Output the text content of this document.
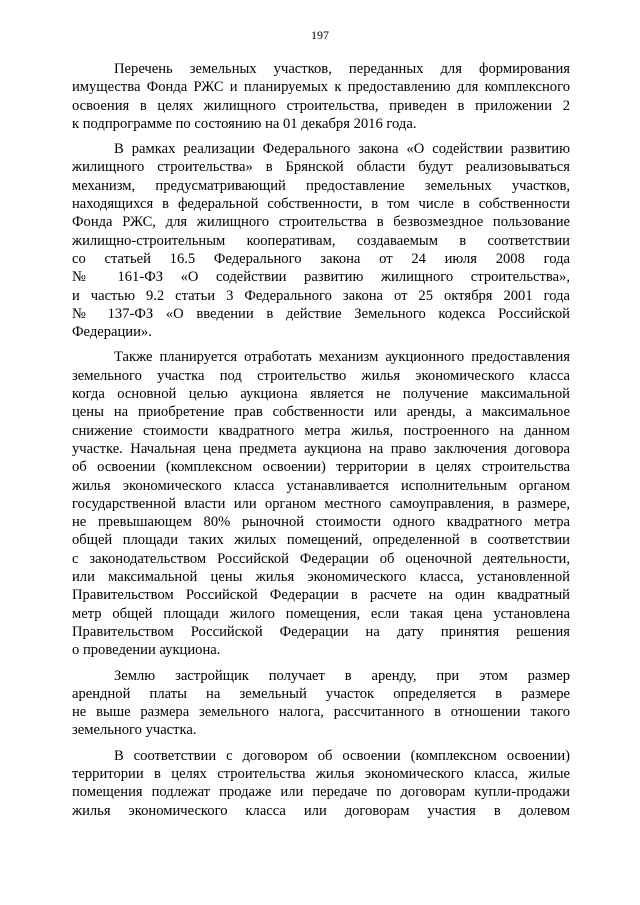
197
Перечень земельных участков, переданных для формирования
имущества Фонда РЖС и планируемых к предоставлению для комплексного
освоения в целях жилищного строительства, приведен в приложении 2
к подпрограмме по состоянию на 01 декабря 2016 года.
В рамках реализации Федерального закона «О содействии развитию
жилищного строительства» в Брянской области будут реализовываться
механизм, предусматривающий предоставление земельных участков,
находящихся в федеральной собственности, в том числе в собственности
Фонда РЖС, для жилищного строительства в безвозмездное пользование
жилищно-строительным кооперативам, создаваемым в соответствии
со статьей 16.5 Федерального закона от 24 июля 2008 года
№ 161-ФЗ «О содействии развитию жилищного строительства»,
и частью 9.2 статьи 3 Федерального закона от 25 октября 2001 года
№ 137-ФЗ «О введении в действие Земельного кодекса Российской
Федерации».
Также планируется отработать механизм аукционного предоставления
земельного участка под строительство жилья экономического класса
когда основной целью аукциона является не получение максимальной
цены на приобретение прав собственности или аренды, а максимальное
снижение стоимости квадратного метра жилья, построенного на данном
участке. Начальная цена предмета аукциона на право заключения договора
об освоении (комплексном освоении) территории в целях строительства
жилья экономического класса устанавливается исполнительным органом
государственной власти или органом местного самоуправления, в размере,
не превышающем 80% рыночной стоимости одного квадратного метра
общей площади таких жилых помещений, определенной в соответствии
с законодательством Российской Федерации об оценочной деятельности,
или максимальной цены жилья экономического класса, установленной
Правительством Российской Федерации в расчете на один квадратный
метр общей площади жилого помещения, если такая цена установлена
Правительством Российской Федерации на дату принятия решения
о проведении аукциона.
Землю застройщик получает в аренду, при этом размер
арендной платы на земельный участок определяется в размере
не выше размера земельного налога, рассчитанного в отношении такого
земельного участка.
В соответствии с договором об освоении (комплексном освоении)
территории в целях строительства жилья экономического класса, жилые
помещения подлежат продаже или передаче по договорам купли-продажи
жилья экономического класса или договорам участия в долевом
